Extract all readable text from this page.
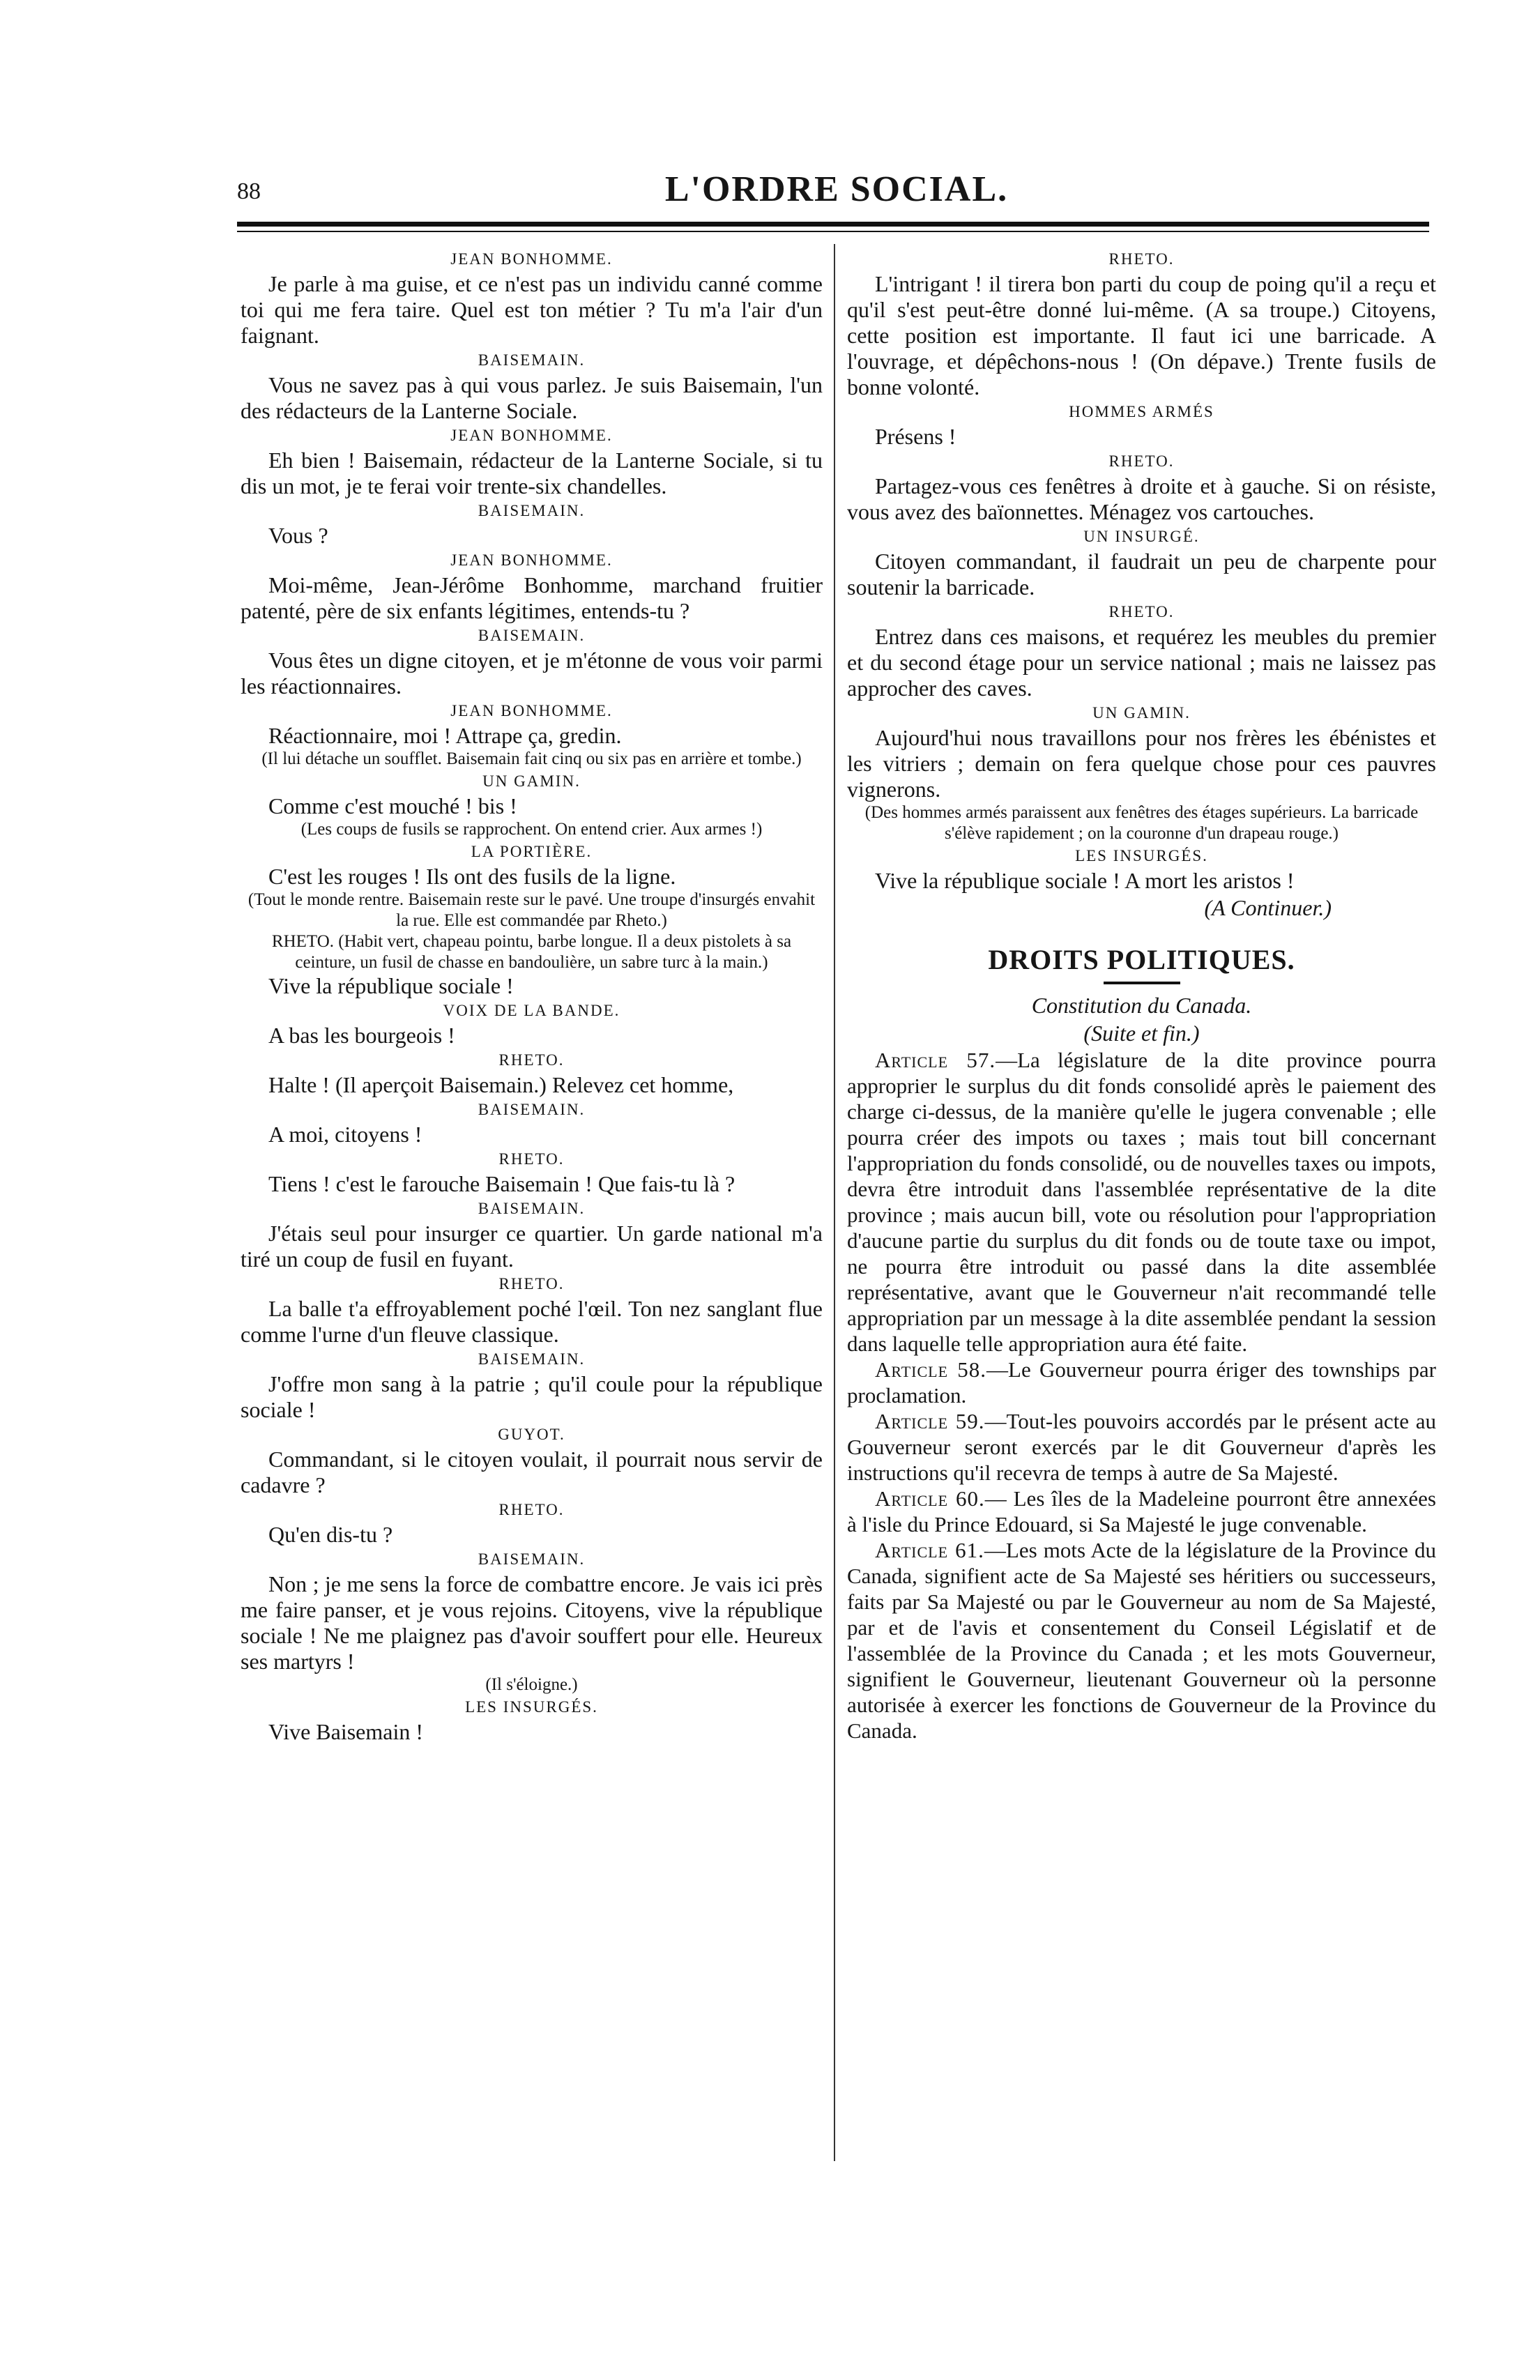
88	L'ORDRE SOCIAL.

JEAN BONHOMME.

Je parle à ma guise, et ce n'est pas un individu canné comme toi qui me fera taire. Quel est ton métier ? Tu m'a l'air d'un faignant.

BAISEMAIN.

Vous ne savez pas à qui vous parlez. Je suis Baisemain, l'un des rédacteurs de la Lanterne Sociale.

JEAN BONHOMME.

Eh bien ! Baisemain, rédacteur de la Lanterne Sociale, si tu dis un mot, je te ferai voir trente-six chandelles.

BAISEMAIN.

Vous ?

JEAN BONHOMME.

Moi-même, Jean-Jérôme Bonhomme, marchand fruitier patenté, père de six enfants légitimes, entends-tu ?

BAISEMAIN.

Vous êtes un digne citoyen, et je m'étonne de vous voir parmi les réactionnaires.

JEAN BONHOMME.

Réactionnaire, moi ! Attrape ça, gredin.

(Il lui détache un soufflet. Baisemain fait cinq ou six pas en arrière et tombe.)

UN GAMIN.

Comme c'est mouché ! bis !

(Les coups de fusils se rapprochent. On entend crier. Aux armes !)

LA PORTIÈRE.

C'est les rouges ! Ils ont des fusils de la ligne.

(Tout le monde rentre. Baisemain reste sur le pavé. Une troupe d'insurgés envahit la rue. Elle est commandée par Rheto.)

RHETO. (Habit vert, chapeau pointu, barbe longue. Il a deux pistolets à sa ceinture, un fusil de chasse en bandoulière, un sabre turc à la main.)

Vive la république sociale !

VOIX DE LA BANDE.

A bas les bourgeois !

RHETO.

Halte ! (Il aperçoit Baisemain.) Relevez cet homme,

BAISEMAIN.

A moi, citoyens !

RHETO.

Tiens ! c'est le farouche Baisemain ! Que fais-tu là ?

BAISEMAIN.

J'étais seul pour insurger ce quartier. Un garde national m'a tiré un coup de fusil en fuyant.

RHETO.

La balle t'a effroyablement poché l'œil. Ton nez sanglant flue comme l'urne d'un fleuve classique.

BAISEMAIN.

J'offre mon sang à la patrie ; qu'il coule pour la république sociale !

GUYOT.

Commandant, si le citoyen voulait, il pourrait nous servir de cadavre ?

RHETO.

Qu'en dis-tu ?

BAISEMAIN.

Non ; je me sens la force de combattre encore. Je vais ici près me faire panser, et je vous rejoins. Citoyens, vive la république sociale ! Ne me plaignez pas d'avoir souffert pour elle. Heureux ses martyrs !

(Il s'éloigne.)

LES INSURGÉS.

Vive Baisemain !

RHETO.

L'intrigant ! il tirera bon parti du coup de poing qu'il a reçu et qu'il s'est peut-être donné lui-même. (A sa troupe.) Citoyens, cette position est importante. Il faut ici une barricade. A l'ouvrage, et dépêchons-nous ! (On dépave.) Trente fusils de bonne volonté.

HOMMES ARMÉS

Présens !

RHETO.

Partagez-vous ces fenêtres à droite et à gauche. Si on résiste, vous avez des baïonnettes. Ménagez vos cartouches.

UN INSURGÉ.

Citoyen commandant, il faudrait un peu de charpente pour soutenir la barricade.

RHETO.

Entrez dans ces maisons, et requérez les meubles du premier et du second étage pour un service national ; mais ne laissez pas approcher des caves.

UN GAMIN.

Aujourd'hui nous travaillons pour nos frères les ébénistes et les vitriers ; demain on fera quelque chose pour ces pauvres vignerons.

(Des hommes armés paraissent aux fenêtres des étages supérieurs. La barricade s'élève rapidement ; on la couronne d'un drapeau rouge.)

LES INSURGÉS.

Vive la république sociale ! A mort les aristos !

(A Continuer.)

DROITS POLITIQUES.

Constitution du Canada.

(Suite et fin.)

Article 57.—La législature de la dite province pourra approprier le surplus du dit fonds consolidé après le paiement des charge ci-dessus, de la manière qu'elle le jugera convenable ; elle pourra créer des impots ou taxes ; mais tout bill concernant l'appropriation du fonds consolidé, ou de nouvelles taxes ou impots, devra être introduit dans l'assemblée représentative de la dite province ; mais aucun bill, vote ou résolution pour l'appropriation d'aucune partie du surplus du dit fonds ou de toute taxe ou impot, ne pourra être introduit ou passé dans la dite assemblée représentative, avant que le Gouverneur n'ait recommandé telle appropriation par un message à la dite assemblée pendant la session dans laquelle telle appropriation aura été faite.

Article 58.—Le Gouverneur pourra ériger des townships par proclamation.

Article 59.—Tout-les pouvoirs accordés par le présent acte au Gouverneur seront exercés par le dit Gouverneur d'après les instructions qu'il recevra de temps à autre de Sa Majesté.

Article 60.— Les îles de la Madeleine pourront être annexées à l'isle du Prince Edouard, si Sa Majesté le juge convenable.

Article 61.—Les mots Acte de la législature de la Province du Canada, signifient acte de Sa Majesté ses héritiers ou successeurs, faits par Sa Majesté ou par le Gouverneur au nom de Sa Majesté, par et de l'avis et consentement du Conseil Législatif et de l'assemblée de la Province du Canada ; et les mots Gouverneur, signifient le Gouverneur, lieutenant Gouverneur où la personne autorisée à exercer les fonctions de Gouverneur de la Province du Canada.
